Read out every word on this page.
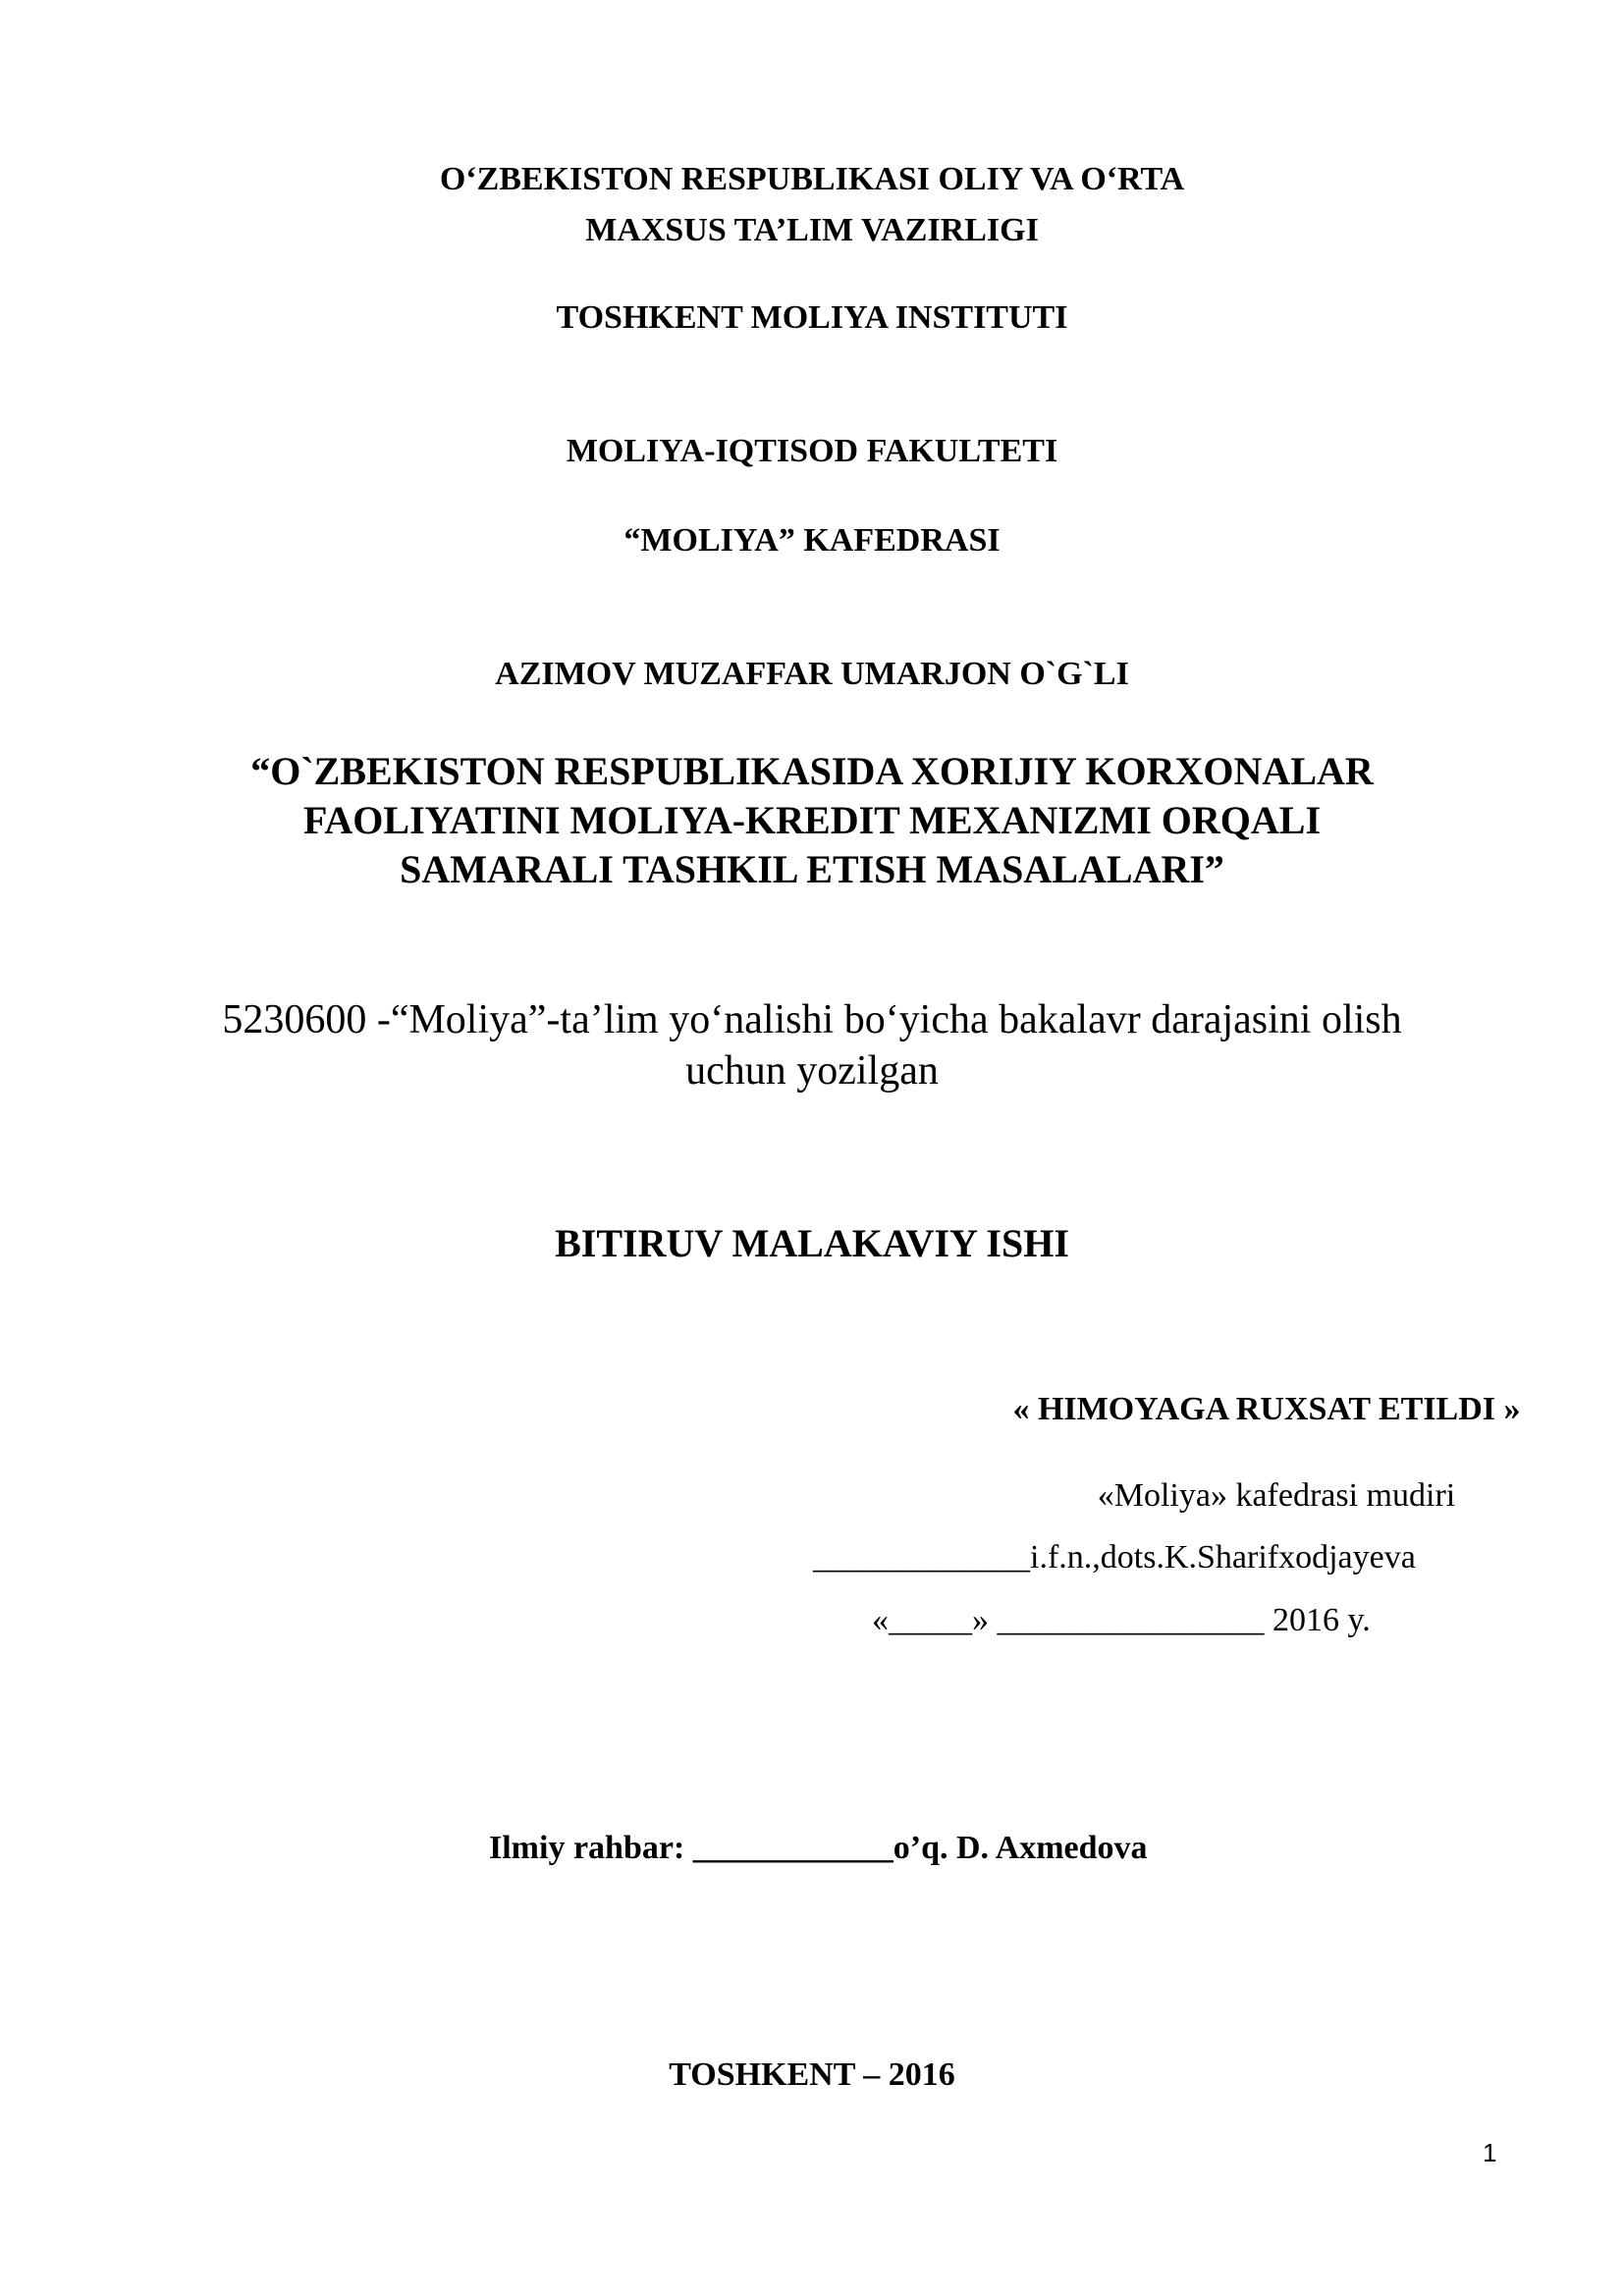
O‘ZBEKISTON RESPUBLIKASI OLIY VA O‘RTA
MAXSUS TA’LIM VAZIRLIGI
TOSHKENT MOLIYA INSTITUTI
MOLIYA-IQTISOD FAKULTETI
“MOLIYA” KAFEDRASI
AZIMOV MUZAFFAR UMARJON O`G`LI
“O`ZBEKISTON RESPUBLIKASIDA XORIJIY KORXONALAR
FAOLIYATINI MOLIYA-KREDIT MEXANIZMI ORQALI
SAMARALI TASHKIL ETISH MASALALARI”
5230600 -“Moliya”-ta’lim yo‘nalishi bo‘yicha bakalavr darajasini olish
uchun yozilgan
BITIRUV MALAKAVIY ISHI
« HIMOYAGA RUXSAT ETILDI »
«Moliya» kafedrasi mudiri
_____________i.f.n.,dots.K.Sharifxodjayeva
«_____» ________________ 2016 y.
Ilmiy rahbar: ____________o’q. D. Axmedova
TOSHKENT – 2016
1
